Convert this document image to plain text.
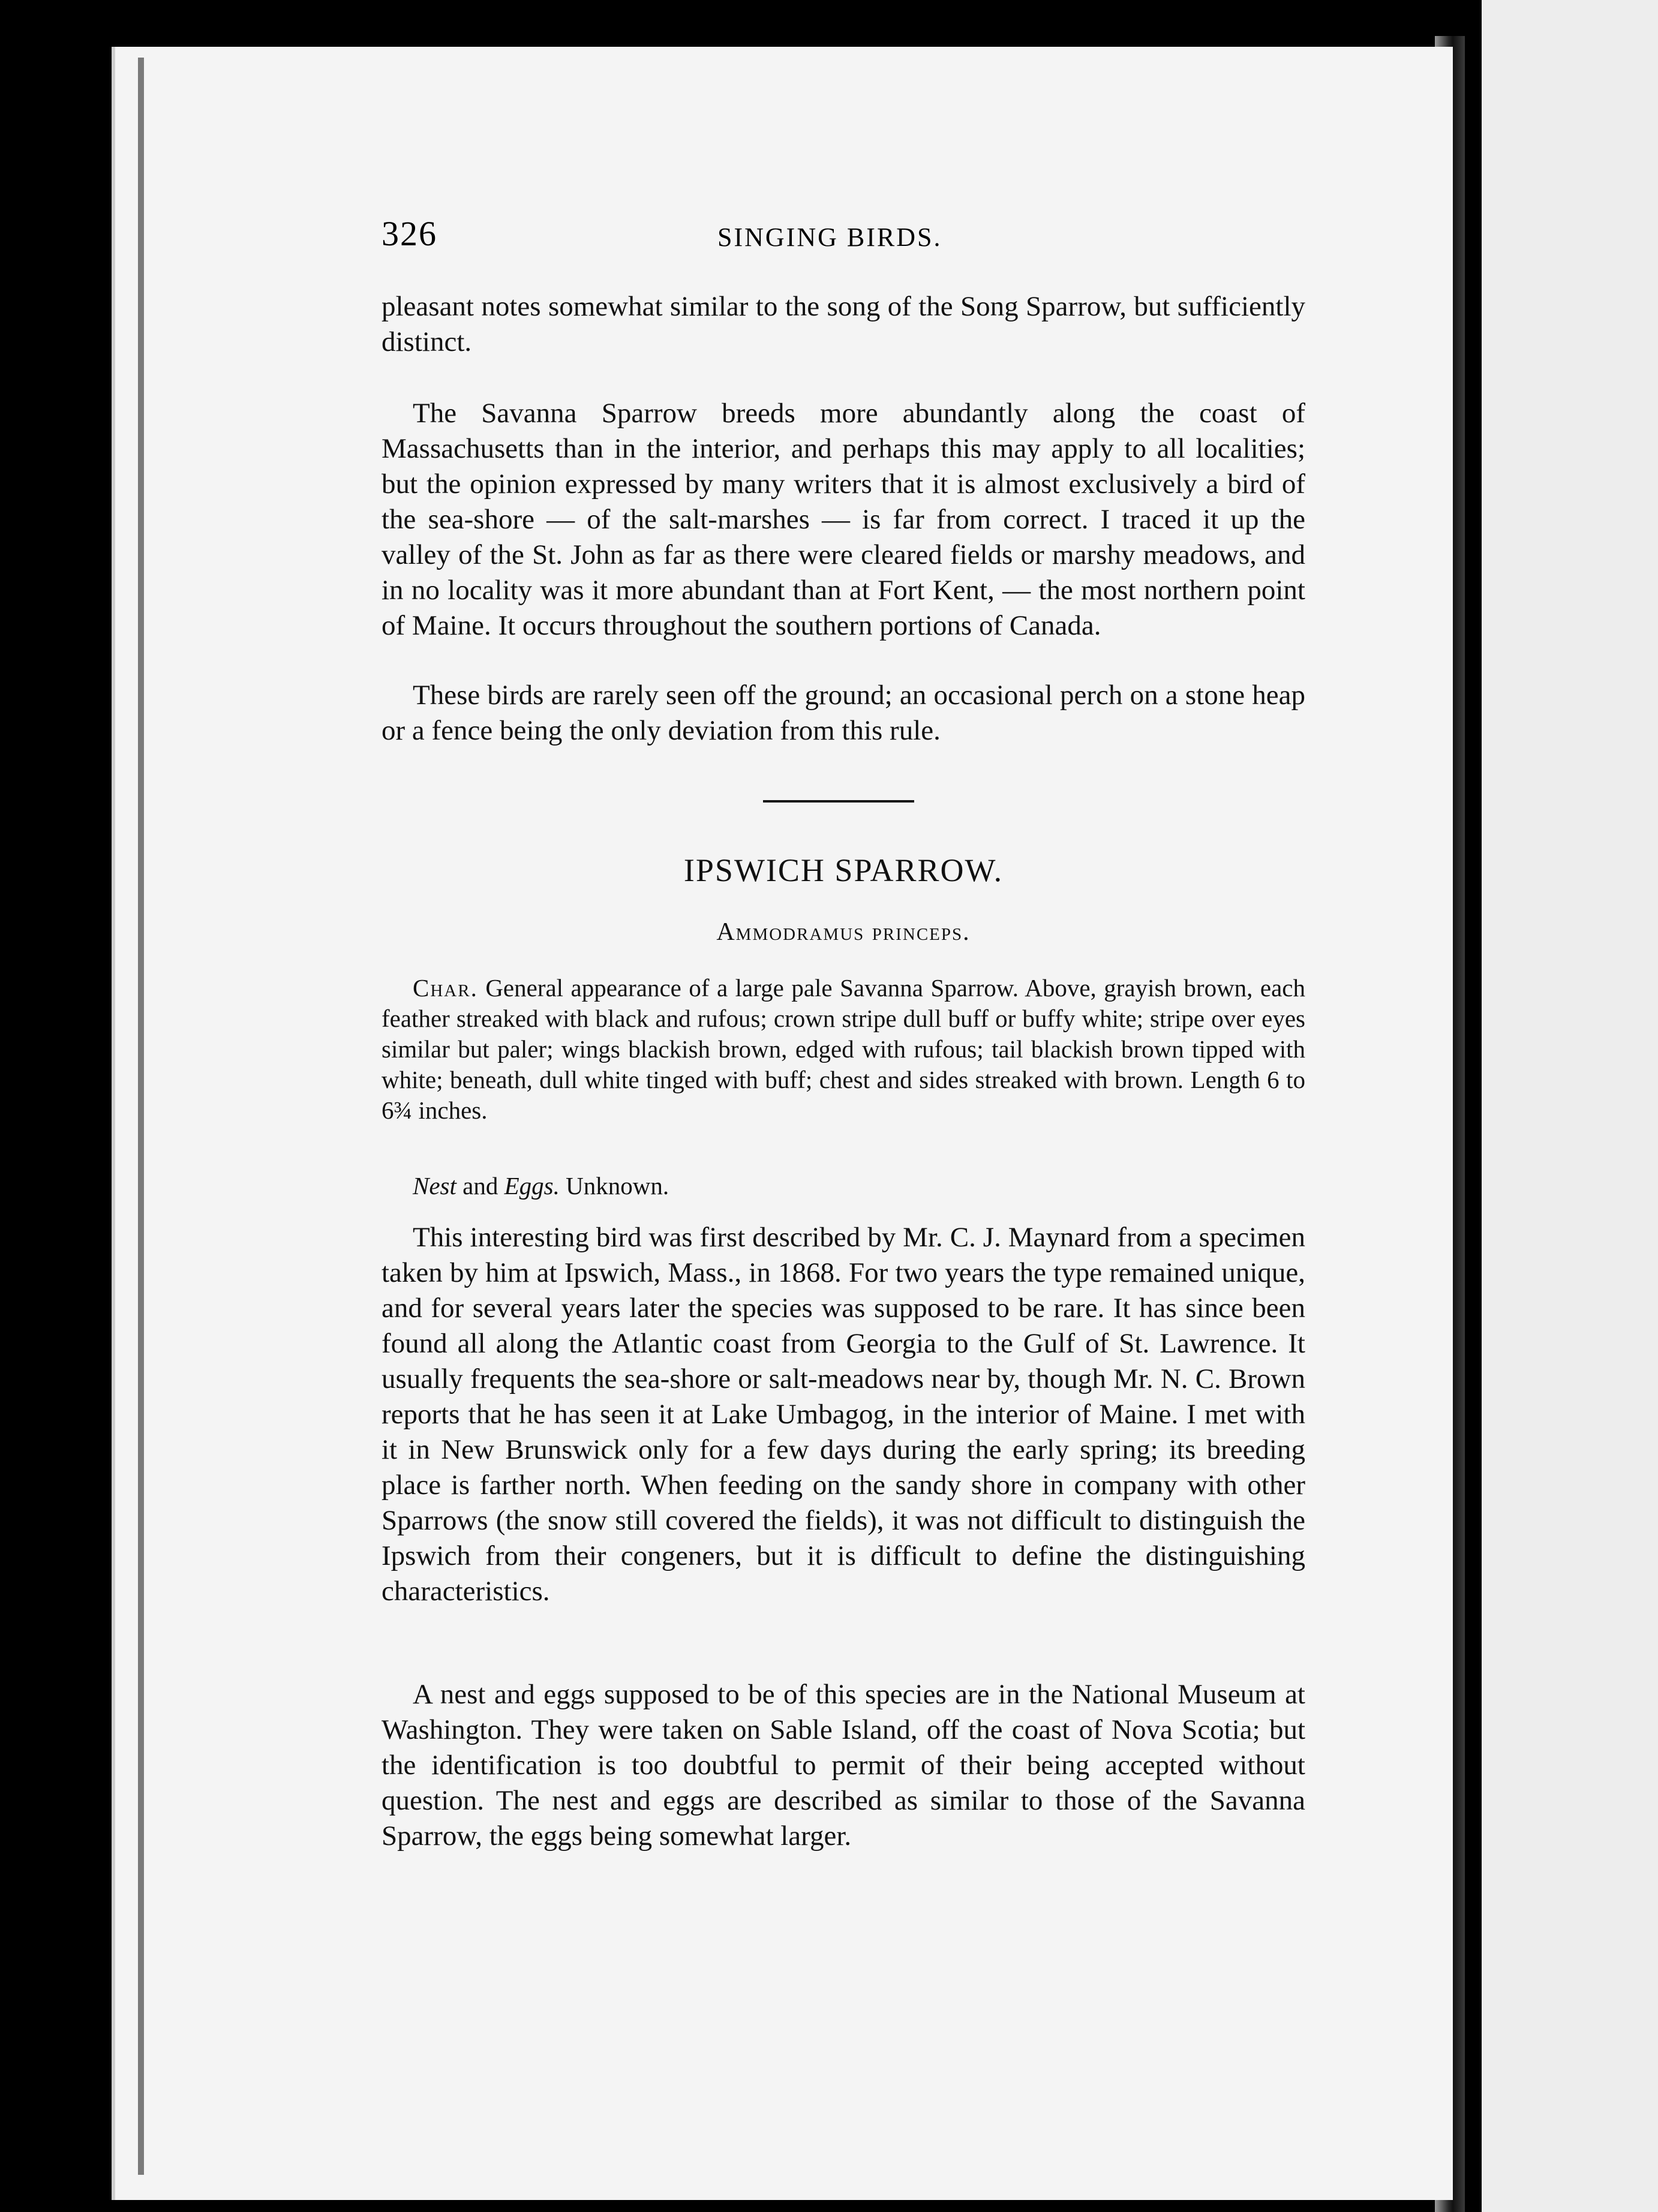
326	SINGING BIRDS.
pleasant notes somewhat similar to the song of the Song Sparrow, but sufficiently distinct.
The Savanna Sparrow breeds more abundantly along the coast of Massachusetts than in the interior, and perhaps this may apply to all localities; but the opinion expressed by many writers that it is almost exclusively a bird of the sea-shore — of the salt-marshes — is far from correct. I traced it up the valley of the St. John as far as there were cleared fields or marshy meadows, and in no locality was it more abundant than at Fort Kent, — the most northern point of Maine. It occurs throughout the southern portions of Canada.
These birds are rarely seen off the ground; an occasional perch on a stone heap or a fence being the only deviation from this rule.
IPSWICH SPARROW.
Ammodramus princeps.
Char. General appearance of a large pale Savanna Sparrow. Above, grayish brown, each feather streaked with black and rufous; crown stripe dull buff or buffy white; stripe over eyes similar but paler; wings blackish brown, edged with rufous; tail blackish brown tipped with white; beneath, dull white tinged with buff; chest and sides streaked with brown. Length 6 to 6¾ inches.
Nest and Eggs. Unknown.
This interesting bird was first described by Mr. C. J. Maynard from a specimen taken by him at Ipswich, Mass., in 1868. For two years the type remained unique, and for several years later the species was supposed to be rare. It has since been found all along the Atlantic coast from Georgia to the Gulf of St. Lawrence. It usually frequents the sea-shore or salt-meadows near by, though Mr. N. C. Brown reports that he has seen it at Lake Umbagog, in the interior of Maine. I met with it in New Brunswick only for a few days during the early spring; its breeding place is farther north. When feeding on the sandy shore in company with other Sparrows (the snow still covered the fields), it was not difficult to distinguish the Ipswich from their congeners, but it is difficult to define the distinguishing characteristics.
A nest and eggs supposed to be of this species are in the National Museum at Washington. They were taken on Sable Island, off the coast of Nova Scotia; but the identification is too doubtful to permit of their being accepted without question. The nest and eggs are described as similar to those of the Savanna Sparrow, the eggs being somewhat larger.
